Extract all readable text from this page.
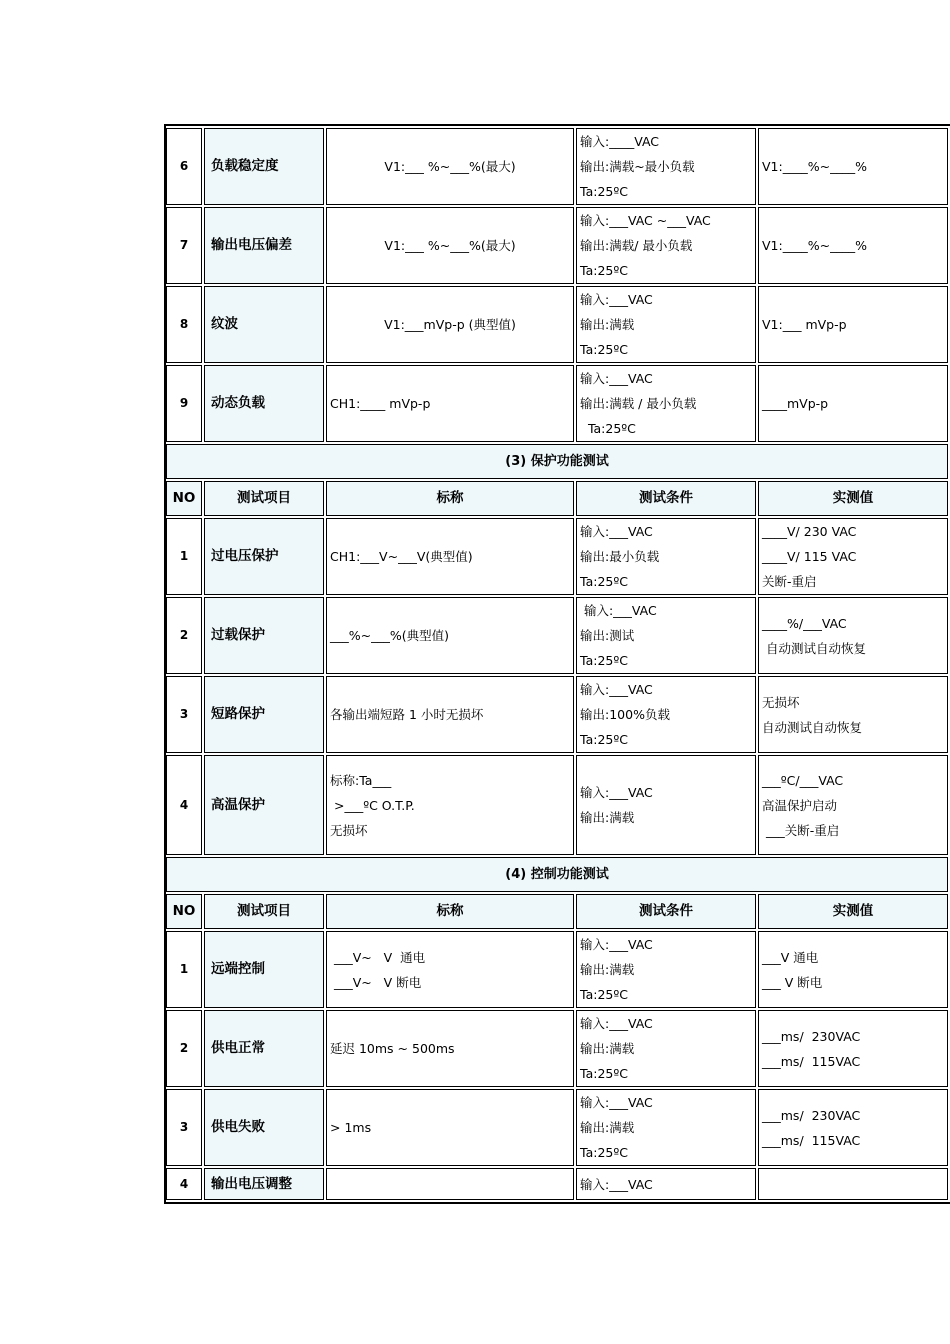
6	负载稳定度	V1:___ %~___%(最大)	输入:____VAC
输出:满载~最小负载
Ta:25ºC	V1:____%~____%

7	输出电压偏差	V1:___ %~___%(最大)	输入:___VAC ~___VAC
输出:满载/ 最小负载
Ta:25ºC	V1:____%~____%

8	纹波	V1:___mVp-p (典型值)	输入:___VAC
输出:满载
Ta:25ºC	V1:___ mVp-p

9	动态负载	CH1:____ mVp-p	输入:___VAC
输出:满载 / 最小负载
Ta:25ºC	____mVp-p

(3) 保护功能测试				
NO	测试项目	标称	测试条件	实测值
1	过电压保护	CH1:___V~___V(典型值)	输入:___VAC
输出:最小负载
Ta:25ºC	____V/ 230 VAC
____V/ 115 VAC
关断-重启

2	过载保护	___%~___%(典型值)	输入:___VAC
输出:测试
Ta:25ºC	____%/___VAC
自动测试自动恢复

3	短路保护	各输出端短路 1 小时无损坏	输入:___VAC
输出:100%负载
Ta:25ºC	无损坏
自动测试自动恢复

4	高温保护	标称:Ta___
>___ºC O.T.P.
无损坏	输入:___VAC
输出:满载	___ºC/___VAC
高温保护启动
___关断-重启

(4) 控制功能测试				
NO	测试项目	标称	测试条件	实测值
1	远端控制	___V~   V  通电
___V~   V 断电	输入:___VAC
输出:满载
Ta:25ºC	___V 通电
___ V 断电

2	供电正常	延迟 10ms ~ 500ms	输入:___VAC
输出:满载
Ta:25ºC	___ms/  230VAC
___ms/  115VAC

3	供电失败	> 1ms	输入:___VAC
输出:满载
Ta:25ºC	___ms/  230VAC
___ms/  115VAC

4	输出电压调整		输入:___VAC	
